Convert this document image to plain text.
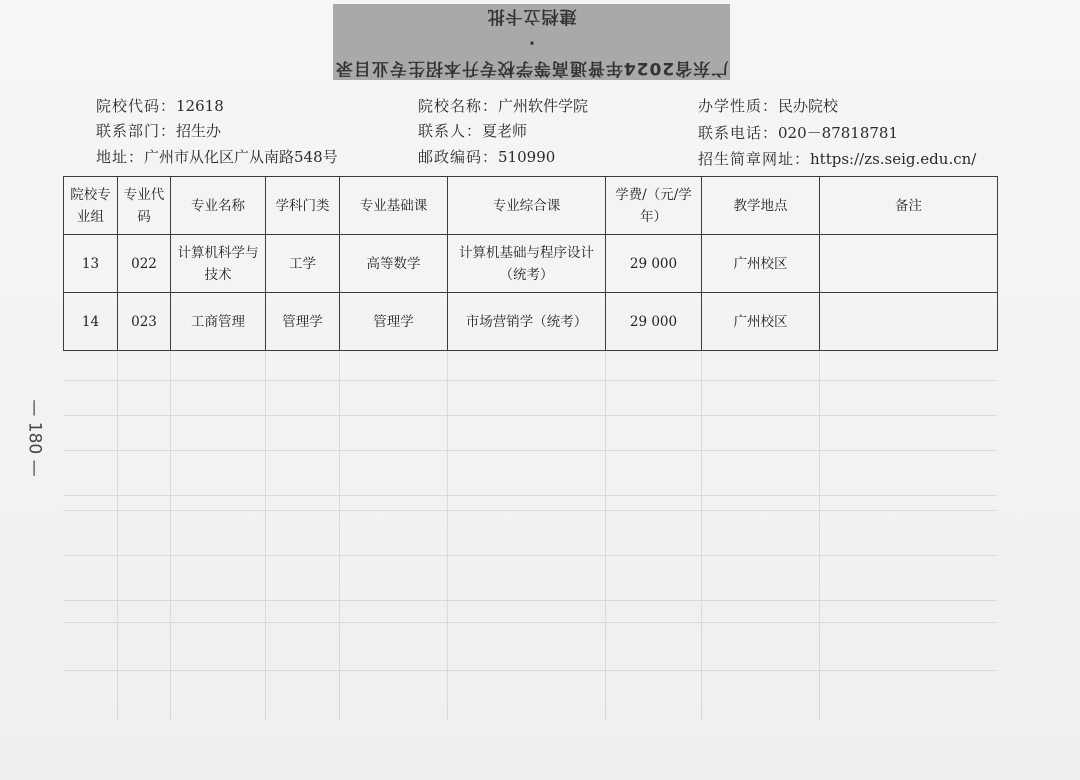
广东省2024年普通高等学校专升本招生专业目录·
建档立卡批
院校代码：12618	院校名称：广州软件学院	办学性质：民办院校
联系部门：招生办	联系人：夏老师	联系电话：020－87818781
地址：广州市从化区广从南路548号	邮政编码：510990	招生简章网址：https://zs.seig.edu.cn/
院校专业组	专业代码	专业名称	学科门类	专业基础课	专业综合课	学费/（元/学年）	教学地点	备注
13	022	计算机科学与技术	工学	高等数学	计算机基础与程序设计（统考）	29 000	广州校区	
14	023	工商管理	管理学	管理学	市场营销学（统考）	29 000	广州校区	
— 180 —
